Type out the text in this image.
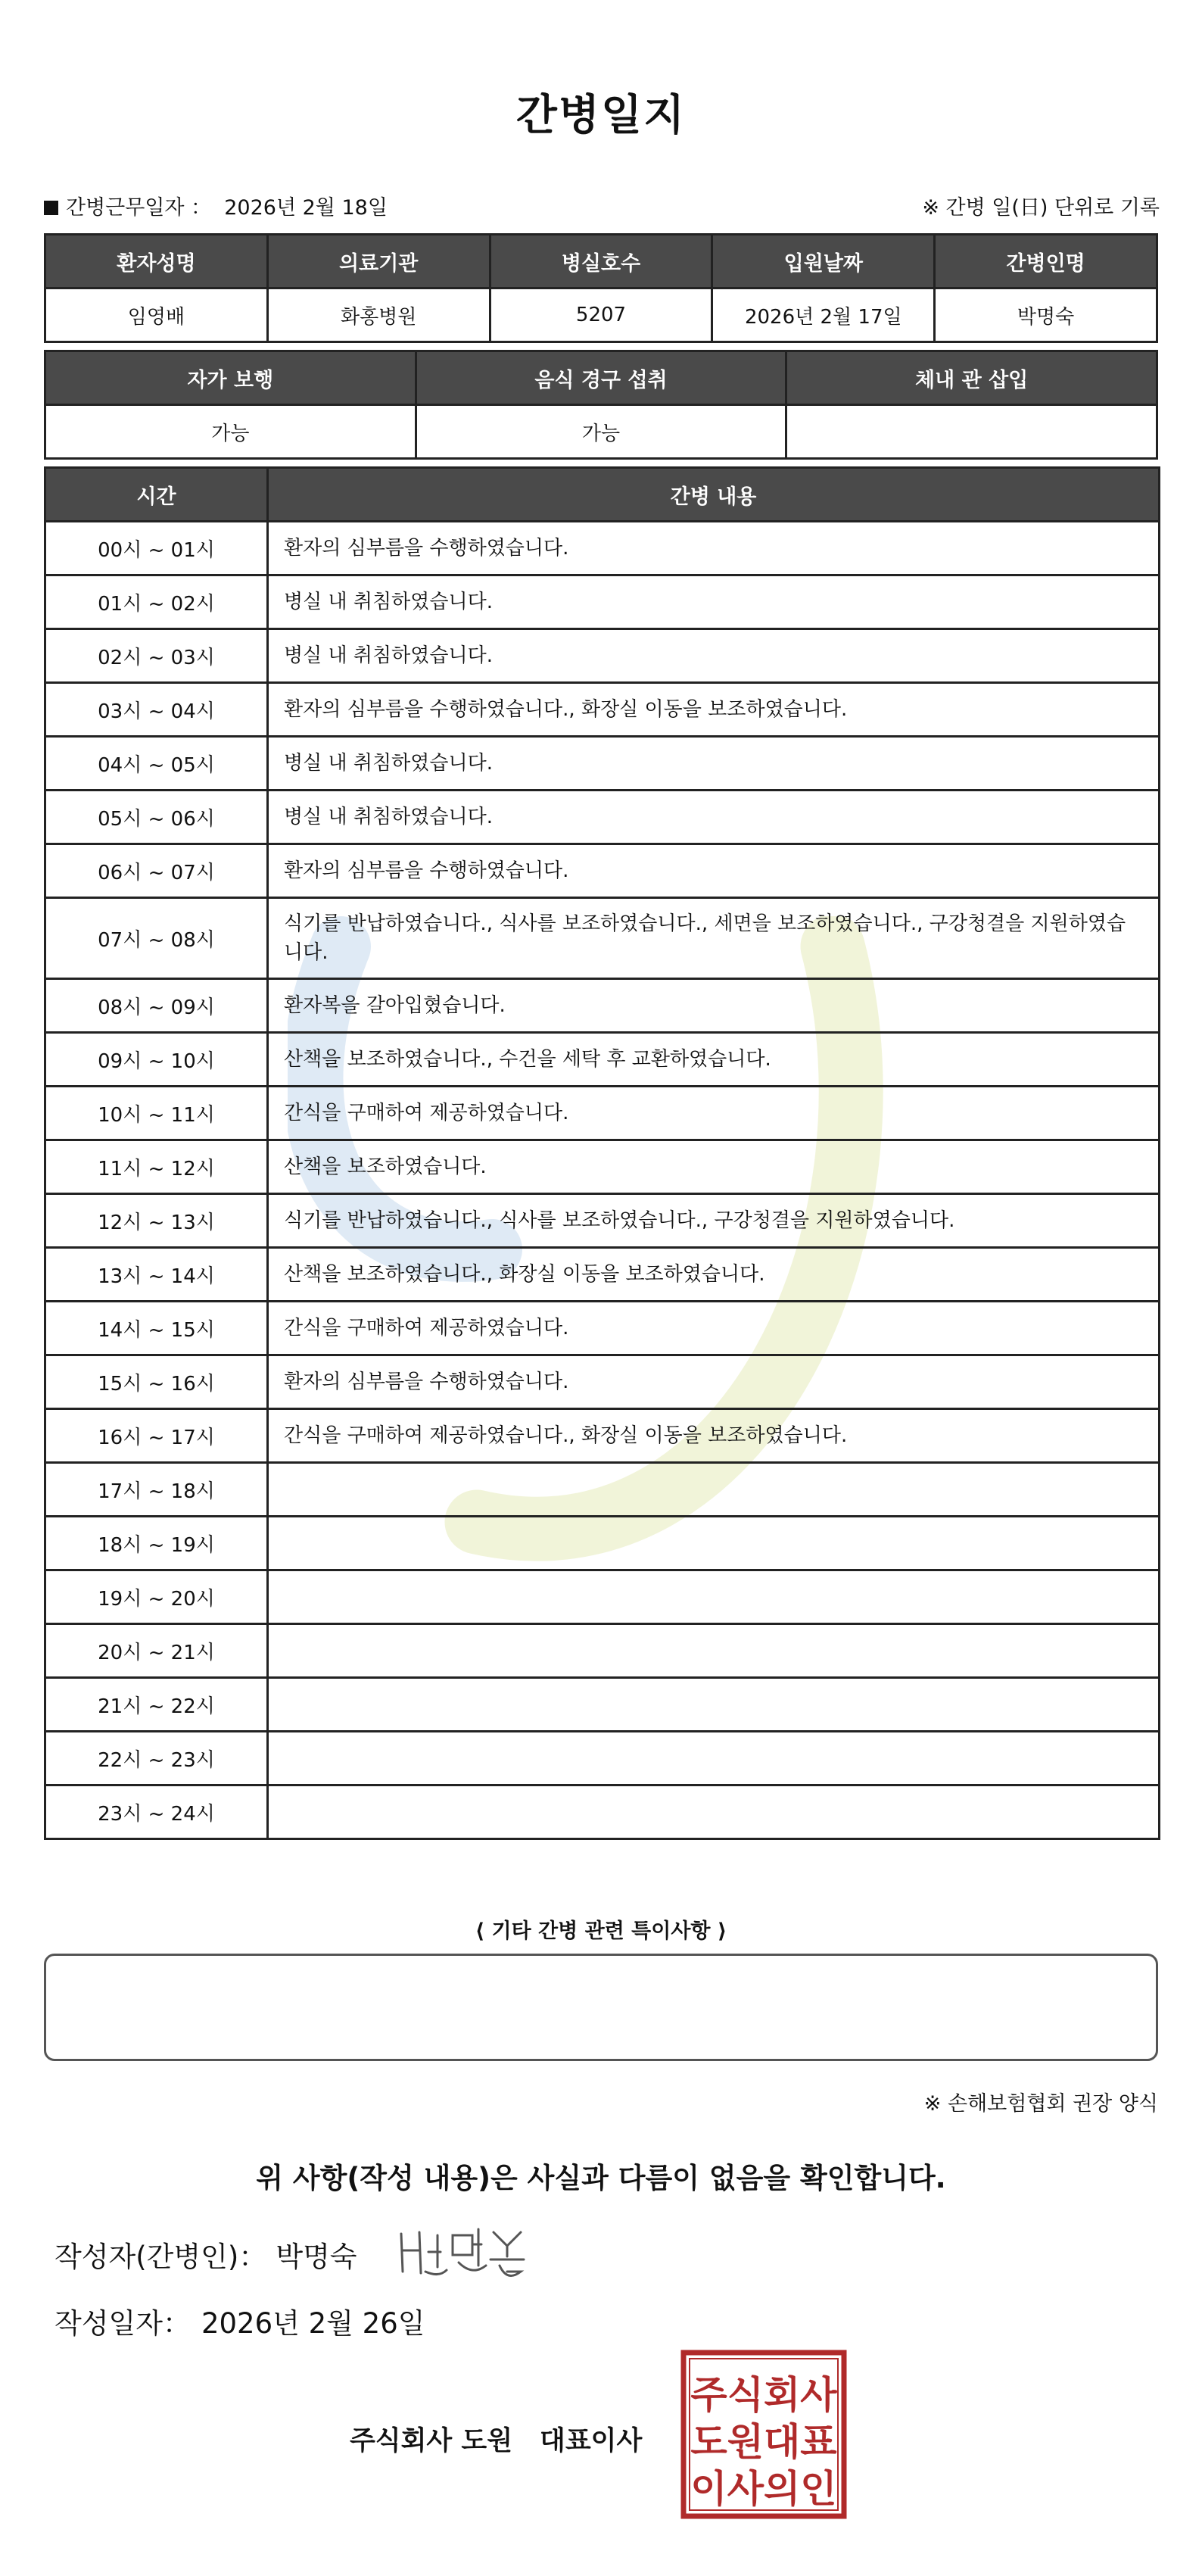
간병일지
간병근무일자 ： 2026년 2월 18일	※ 간병 일(日) 단위로 기록
환자성명	의료기관	병실호수	입원날짜	간병인명
임영배	화홍병원	5207	2026년 2월 17일	박명숙
자가 보행	음식 경구 섭취	체내 관 삽입
가능	가능	
시간	간병 내용
00시 ~ 01시	환자의 심부름을 수행하였습니다.
01시 ~ 02시	병실 내 취침하였습니다.
02시 ~ 03시	병실 내 취침하였습니다.
03시 ~ 04시	환자의 심부름을 수행하였습니다., 화장실 이동을 보조하였습니다.
04시 ~ 05시	병실 내 취침하였습니다.
05시 ~ 06시	병실 내 취침하였습니다.
06시 ~ 07시	환자의 심부름을 수행하였습니다.
07시 ~ 08시	식기를 반납하였습니다., 식사를 보조하였습니다., 세면을 보조하였습니다., 구강청결을 지원하였습니다.
08시 ~ 09시	환자복을 갈아입혔습니다.
09시 ~ 10시	산책을 보조하였습니다., 수건을 세탁 후 교환하였습니다.
10시 ~ 11시	간식을 구매하여 제공하였습니다.
11시 ~ 12시	산책을 보조하였습니다.
12시 ~ 13시	식기를 반납하였습니다., 식사를 보조하였습니다., 구강청결을 지원하였습니다.
13시 ~ 14시	산책을 보조하였습니다., 화장실 이동을 보조하였습니다.
14시 ~ 15시	간식을 구매하여 제공하였습니다.
15시 ~ 16시	환자의 심부름을 수행하였습니다.
16시 ~ 17시	간식을 구매하여 제공하였습니다., 화장실 이동을 보조하였습니다.
17시 ~ 18시	
18시 ~ 19시	
19시 ~ 20시	
20시 ~ 21시	
21시 ~ 22시	
22시 ~ 23시	
23시 ~ 24시	
⟨ 기타 간병 관련 특이사항 ⟩
※ 손해보험협회 권장 양식
위 사항(작성 내용)은 사실과 다름이 없음을 확인합니다.
작성자(간병인)： 박명숙
작성일자： 2026년 2월 26일
주식회사 도원 대표이사
주식회사
도원대표
이사의인
